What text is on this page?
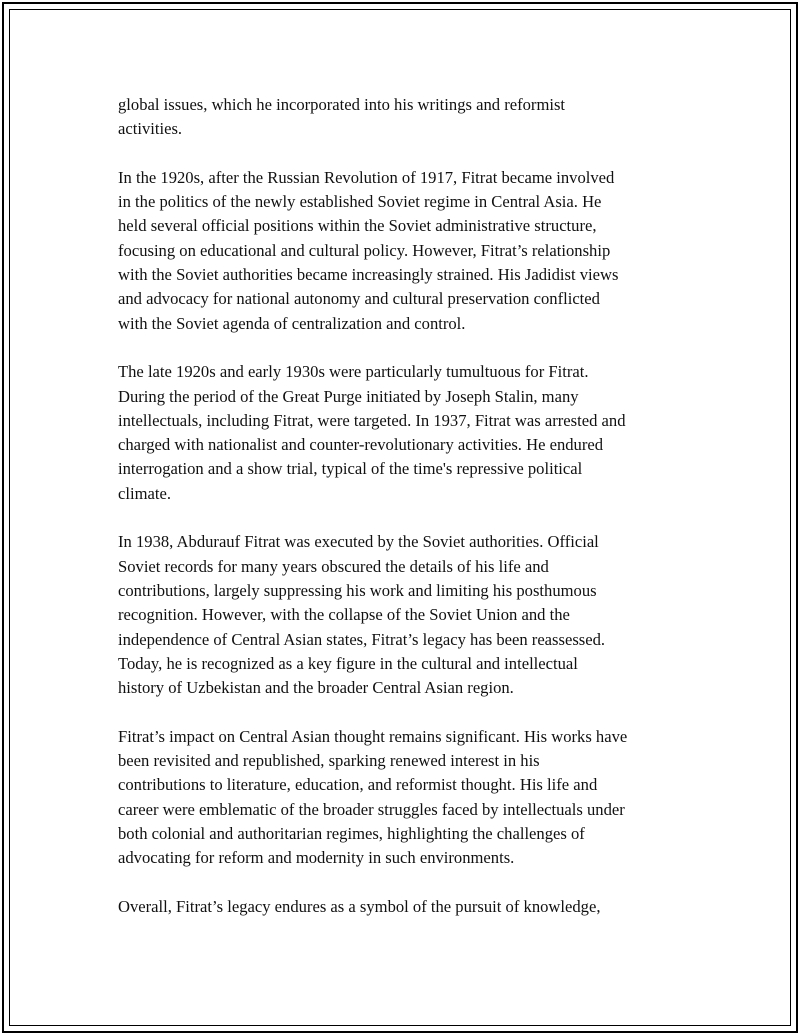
global issues, which he incorporated into his writings and reformist
activities.

In the 1920s, after the Russian Revolution of 1917, Fitrat became involved
in the politics of the newly established Soviet regime in Central Asia. He
held several official positions within the Soviet administrative structure,
focusing on educational and cultural policy. However, Fitrat’s relationship
with the Soviet authorities became increasingly strained. His Jadidist views
and advocacy for national autonomy and cultural preservation conflicted
with the Soviet agenda of centralization and control.

The late 1920s and early 1930s were particularly tumultuous for Fitrat.
During the period of the Great Purge initiated by Joseph Stalin, many
intellectuals, including Fitrat, were targeted. In 1937, Fitrat was arrested and
charged with nationalist and counter-revolutionary activities. He endured
interrogation and a show trial, typical of the time's repressive political
climate.

In 1938, Abdurauf Fitrat was executed by the Soviet authorities. Official
Soviet records for many years obscured the details of his life and
contributions, largely suppressing his work and limiting his posthumous
recognition. However, with the collapse of the Soviet Union and the
independence of Central Asian states, Fitrat’s legacy has been reassessed.
Today, he is recognized as a key figure in the cultural and intellectual
history of Uzbekistan and the broader Central Asian region.

Fitrat’s impact on Central Asian thought remains significant. His works have
been revisited and republished, sparking renewed interest in his
contributions to literature, education, and reformist thought. His life and
career were emblematic of the broader struggles faced by intellectuals under
both colonial and authoritarian regimes, highlighting the challenges of
advocating for reform and modernity in such environments.

Overall, Fitrat’s legacy endures as a symbol of the pursuit of knowledge,
